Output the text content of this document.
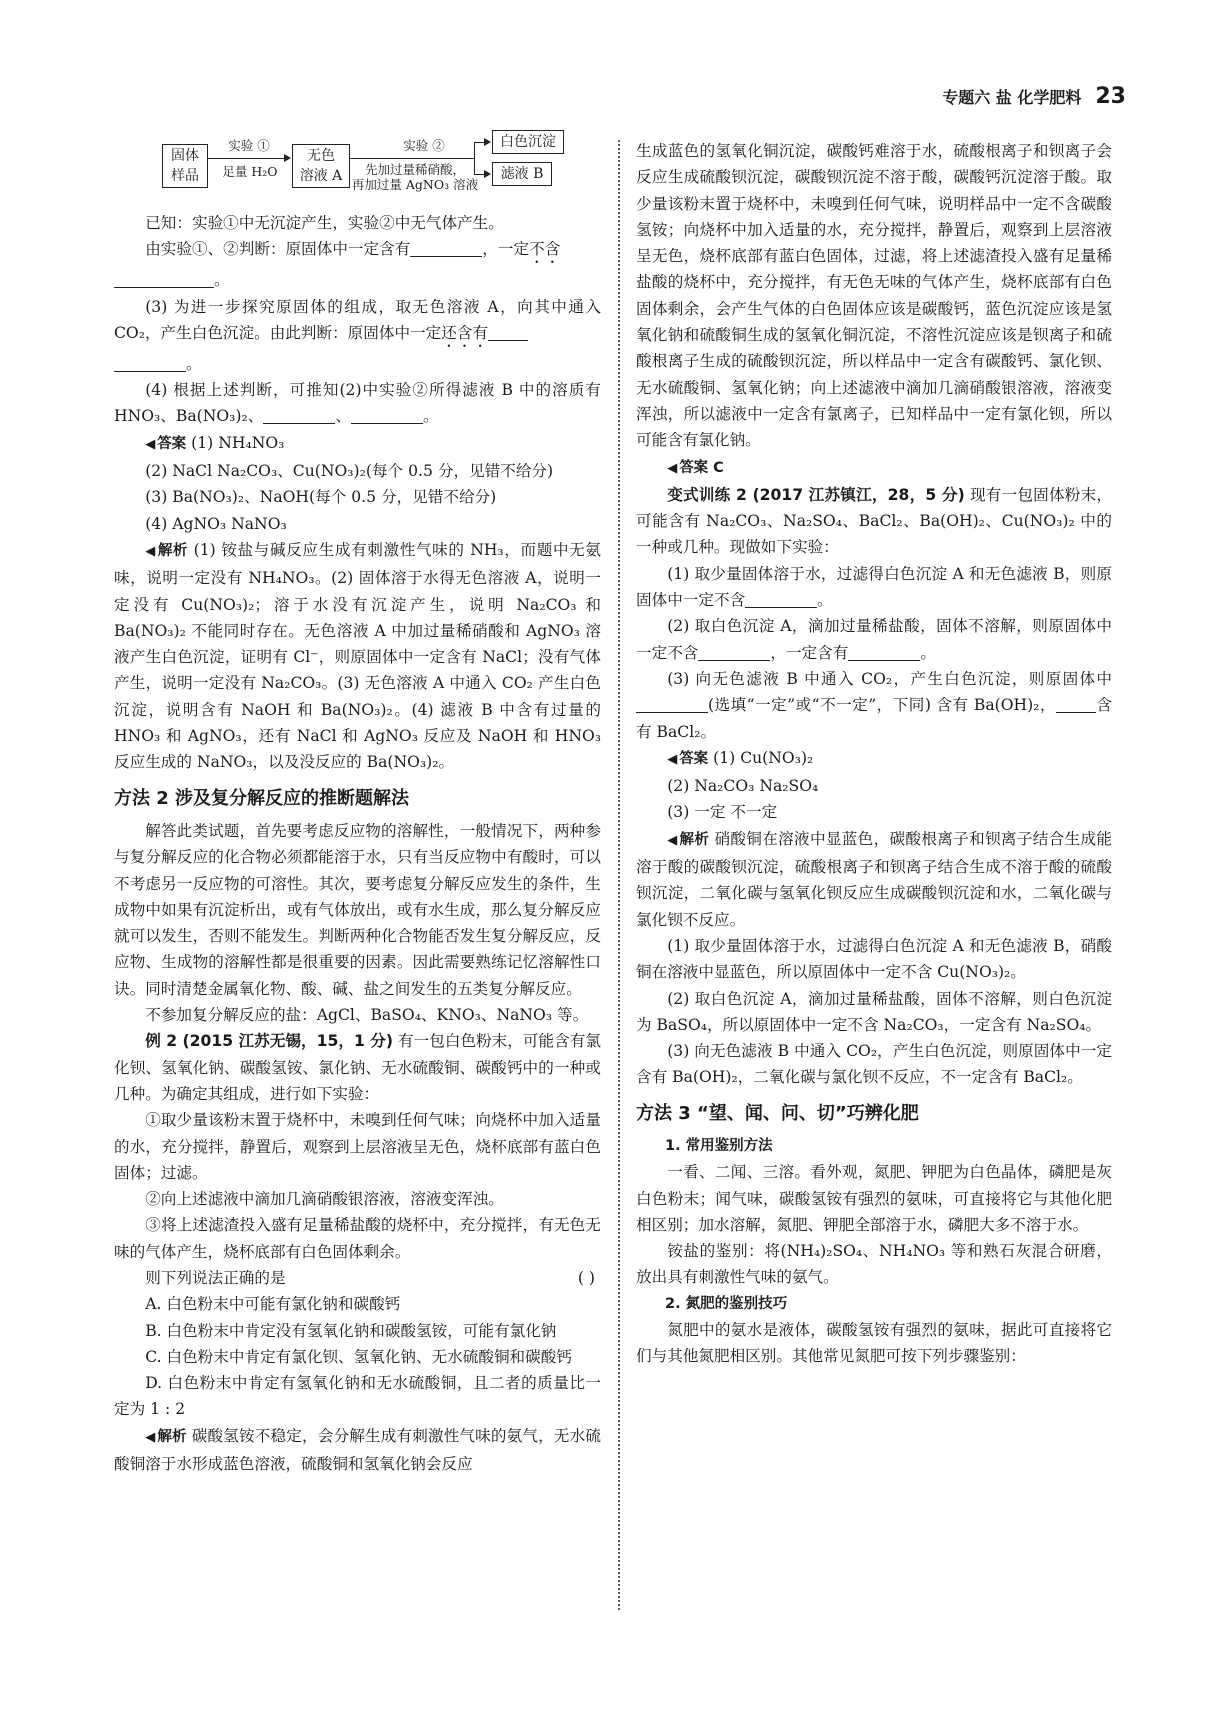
专题六 盐 化学肥料 23
固体
样品
实验 ①
足量 H₂O
无色
溶液 A
实验 ②
先加过量稀硝酸，
再加过量 AgNO₃ 溶液
白色沉淀
滤液 B

已知：实验①中无沉淀产生，实验②中无气体产生。

由实验①、②判断：原固体中一定含有	，一定不含

。

(3) 为进一步探究原固体的组成，取无色溶液 A，向其中通入 CO₂，产生白色沉淀。由此判断：原固体中一定还含有

。

(4) 根据上述判断，可推知(2)中实验②所得滤液 B 中的溶质有 HNO₃、Ba(NO₃)₂、	、	。

◀ 答案 (1) NH₄NO₃

(2) NaCl Na₂CO₃、Cu(NO₃)₂(每个 0.5 分，见错不给分)

(3) Ba(NO₃)₂、NaOH(每个 0.5 分，见错不给分)

(4) AgNO₃ NaNO₃

◀ 解析 (1) 铵盐与碱反应生成有刺激性气味的 NH₃，而题中无氨味，说明一定没有 NH₄NO₃。(2) 固体溶于水得无色溶液 A，说明一定没有 Cu(NO₃)₂；溶于水没有沉淀产生，说明 Na₂CO₃ 和 Ba(NO₃)₂ 不能同时存在。无色溶液 A 中加过量稀硝酸和 AgNO₃ 溶液产生白色沉淀，证明有 Cl⁻，则原固体中一定含有 NaCl；没有气体产生，说明一定没有 Na₂CO₃。(3) 无色溶液 A 中通入 CO₂ 产生白色沉淀，说明含有 NaOH 和 Ba(NO₃)₂。(4) 滤液 B 中含有过量的 HNO₃ 和 AgNO₃，还有 NaCl 和 AgNO₃ 反应及 NaOH 和 HNO₃ 反应生成的 NaNO₃，以及没反应的 Ba(NO₃)₂。

方法 2 涉及复分解反应的推断题解法

解答此类试题，首先要考虑反应物的溶解性，一般情况下，两种参与复分解反应的化合物必须都能溶于水，只有当反应物中有酸时，可以不考虑另一反应物的可溶性。其次，要考虑复分解反应发生的条件，生成物中如果有沉淀析出，或有气体放出，或有水生成，那么复分解反应就可以发生，否则不能发生。判断两种化合物能否发生复分解反应，反应物、生成物的溶解性都是很重要的因素。因此需要熟练记忆溶解性口诀。同时清楚金属氧化物、酸、碱、盐之间发生的五类复分解反应。

不参加复分解反应的盐：AgCl、BaSO₄、KNO₃、NaNO₃ 等。

例 2 (2015 江苏无锡，15，1 分) 有一包白色粉末，可能含有氯化钡、氢氧化钠、碳酸氢铵、氯化钠、无水硫酸铜、碳酸钙中的一种或几种。为确定其组成，进行如下实验：

①取少量该粉末置于烧杯中，未嗅到任何气味；向烧杯中加入适量的水，充分搅拌，静置后，观察到上层溶液呈无色，烧杯底部有蓝白色固体；过滤。

②向上述滤液中滴加几滴硝酸银溶液，溶液变浑浊。

③将上述滤渣投入盛有足量稀盐酸的烧杯中，充分搅拌，有无色无味的气体产生，烧杯底部有白色固体剩余。

则下列说法正确的是	( )

A. 白色粉末中可能有氯化钠和碳酸钙

B. 白色粉末中肯定没有氢氧化钠和碳酸氢铵，可能有氯化钠

C. 白色粉末中肯定有氯化钡、氢氧化钠、无水硫酸铜和碳酸钙

D. 白色粉末中肯定有氢氧化钠和无水硫酸铜，且二者的质量比一定为 1 : 2

◀ 解析 碳酸氢铵不稳定，会分解生成有刺激性气味的氨气，无水硫酸铜溶于水形成蓝色溶液，硫酸铜和氢氧化钠会反应

生成蓝色的氢氧化铜沉淀，碳酸钙难溶于水，硫酸根离子和钡离子会反应生成硫酸钡沉淀，碳酸钡沉淀不溶于酸，碳酸钙沉淀溶于酸。取少量该粉末置于烧杯中，未嗅到任何气味，说明样品中一定不含碳酸氢铵；向烧杯中加入适量的水，充分搅拌，静置后，观察到上层溶液呈无色，烧杯底部有蓝白色固体，过滤，将上述滤渣投入盛有足量稀盐酸的烧杯中，充分搅拌，有无色无味的气体产生，烧杯底部有白色固体剩余，会产生气体的白色固体应该是碳酸钙，蓝色沉淀应该是氢氧化钠和硫酸铜生成的氢氧化铜沉淀，不溶性沉淀应该是钡离子和硫酸根离子生成的硫酸钡沉淀，所以样品中一定含有碳酸钙、氯化钡、无水硫酸铜、氢氧化钠；向上述滤液中滴加几滴硝酸银溶液，溶液变浑浊，所以滤液中一定含有氯离子，已知样品中一定有氯化钡，所以可能含有氯化钠。

◀ 答案 C

变式训练 2 (2017 江苏镇江，28，5 分) 现有一包固体粉末，可能含有 Na₂CO₃、Na₂SO₄、BaCl₂、Ba(OH)₂、Cu(NO₃)₂ 中的一种或几种。现做如下实验：

(1) 取少量固体溶于水，过滤得白色沉淀 A 和无色滤液 B，则原固体中一定不含	。

(2) 取白色沉淀 A，滴加过量稀盐酸，固体不溶解，则原固体中一定不含	，一定含有	。

(3) 向无色滤液 B 中通入 CO₂，产生白色沉淀，则原固体中(选填“一定”或“不一定”，下同) 含有 Ba(OH)₂，	含有 BaCl₂。

◀ 答案 (1) Cu(NO₃)₂

(2) Na₂CO₃ Na₂SO₄

(3) 一定 不一定

◀ 解析 硝酸铜在溶液中显蓝色，碳酸根离子和钡离子结合生成能溶于酸的碳酸钡沉淀，硫酸根离子和钡离子结合生成不溶于酸的硫酸钡沉淀，二氧化碳与氢氧化钡反应生成碳酸钡沉淀和水，二氧化碳与氯化钡不反应。

(1) 取少量固体溶于水，过滤得白色沉淀 A 和无色滤液 B，硝酸铜在溶液中显蓝色，所以原固体中一定不含 Cu(NO₃)₂。

(2) 取白色沉淀 A，滴加过量稀盐酸，固体不溶解，则白色沉淀为 BaSO₄，所以原固体中一定不含 Na₂CO₃，一定含有 Na₂SO₄。

(3) 向无色滤液 B 中通入 CO₂，产生白色沉淀，则原固体中一定含有 Ba(OH)₂，二氧化碳与氯化钡不反应，不一定含有 BaCl₂。

方法 3 “望、闻、问、切”巧辨化肥

1. 常用鉴别方法

一看、二闻、三溶。看外观，氮肥、钾肥为白色晶体，磷肥是灰白色粉末；闻气味，碳酸氢铵有强烈的氨味，可直接将它与其他化肥相区别；加水溶解，氮肥、钾肥全部溶于水，磷肥大多不溶于水。

铵盐的鉴别：将(NH₄)₂SO₄、NH₄NO₃ 等和熟石灰混合研磨，放出具有刺激性气味的氨气。

2. 氮肥的鉴别技巧

氮肥中的氨水是液体，碳酸氢铵有强烈的氨味，据此可直接将它们与其他氮肥相区别。其他常见氮肥可按下列步骤鉴别：
